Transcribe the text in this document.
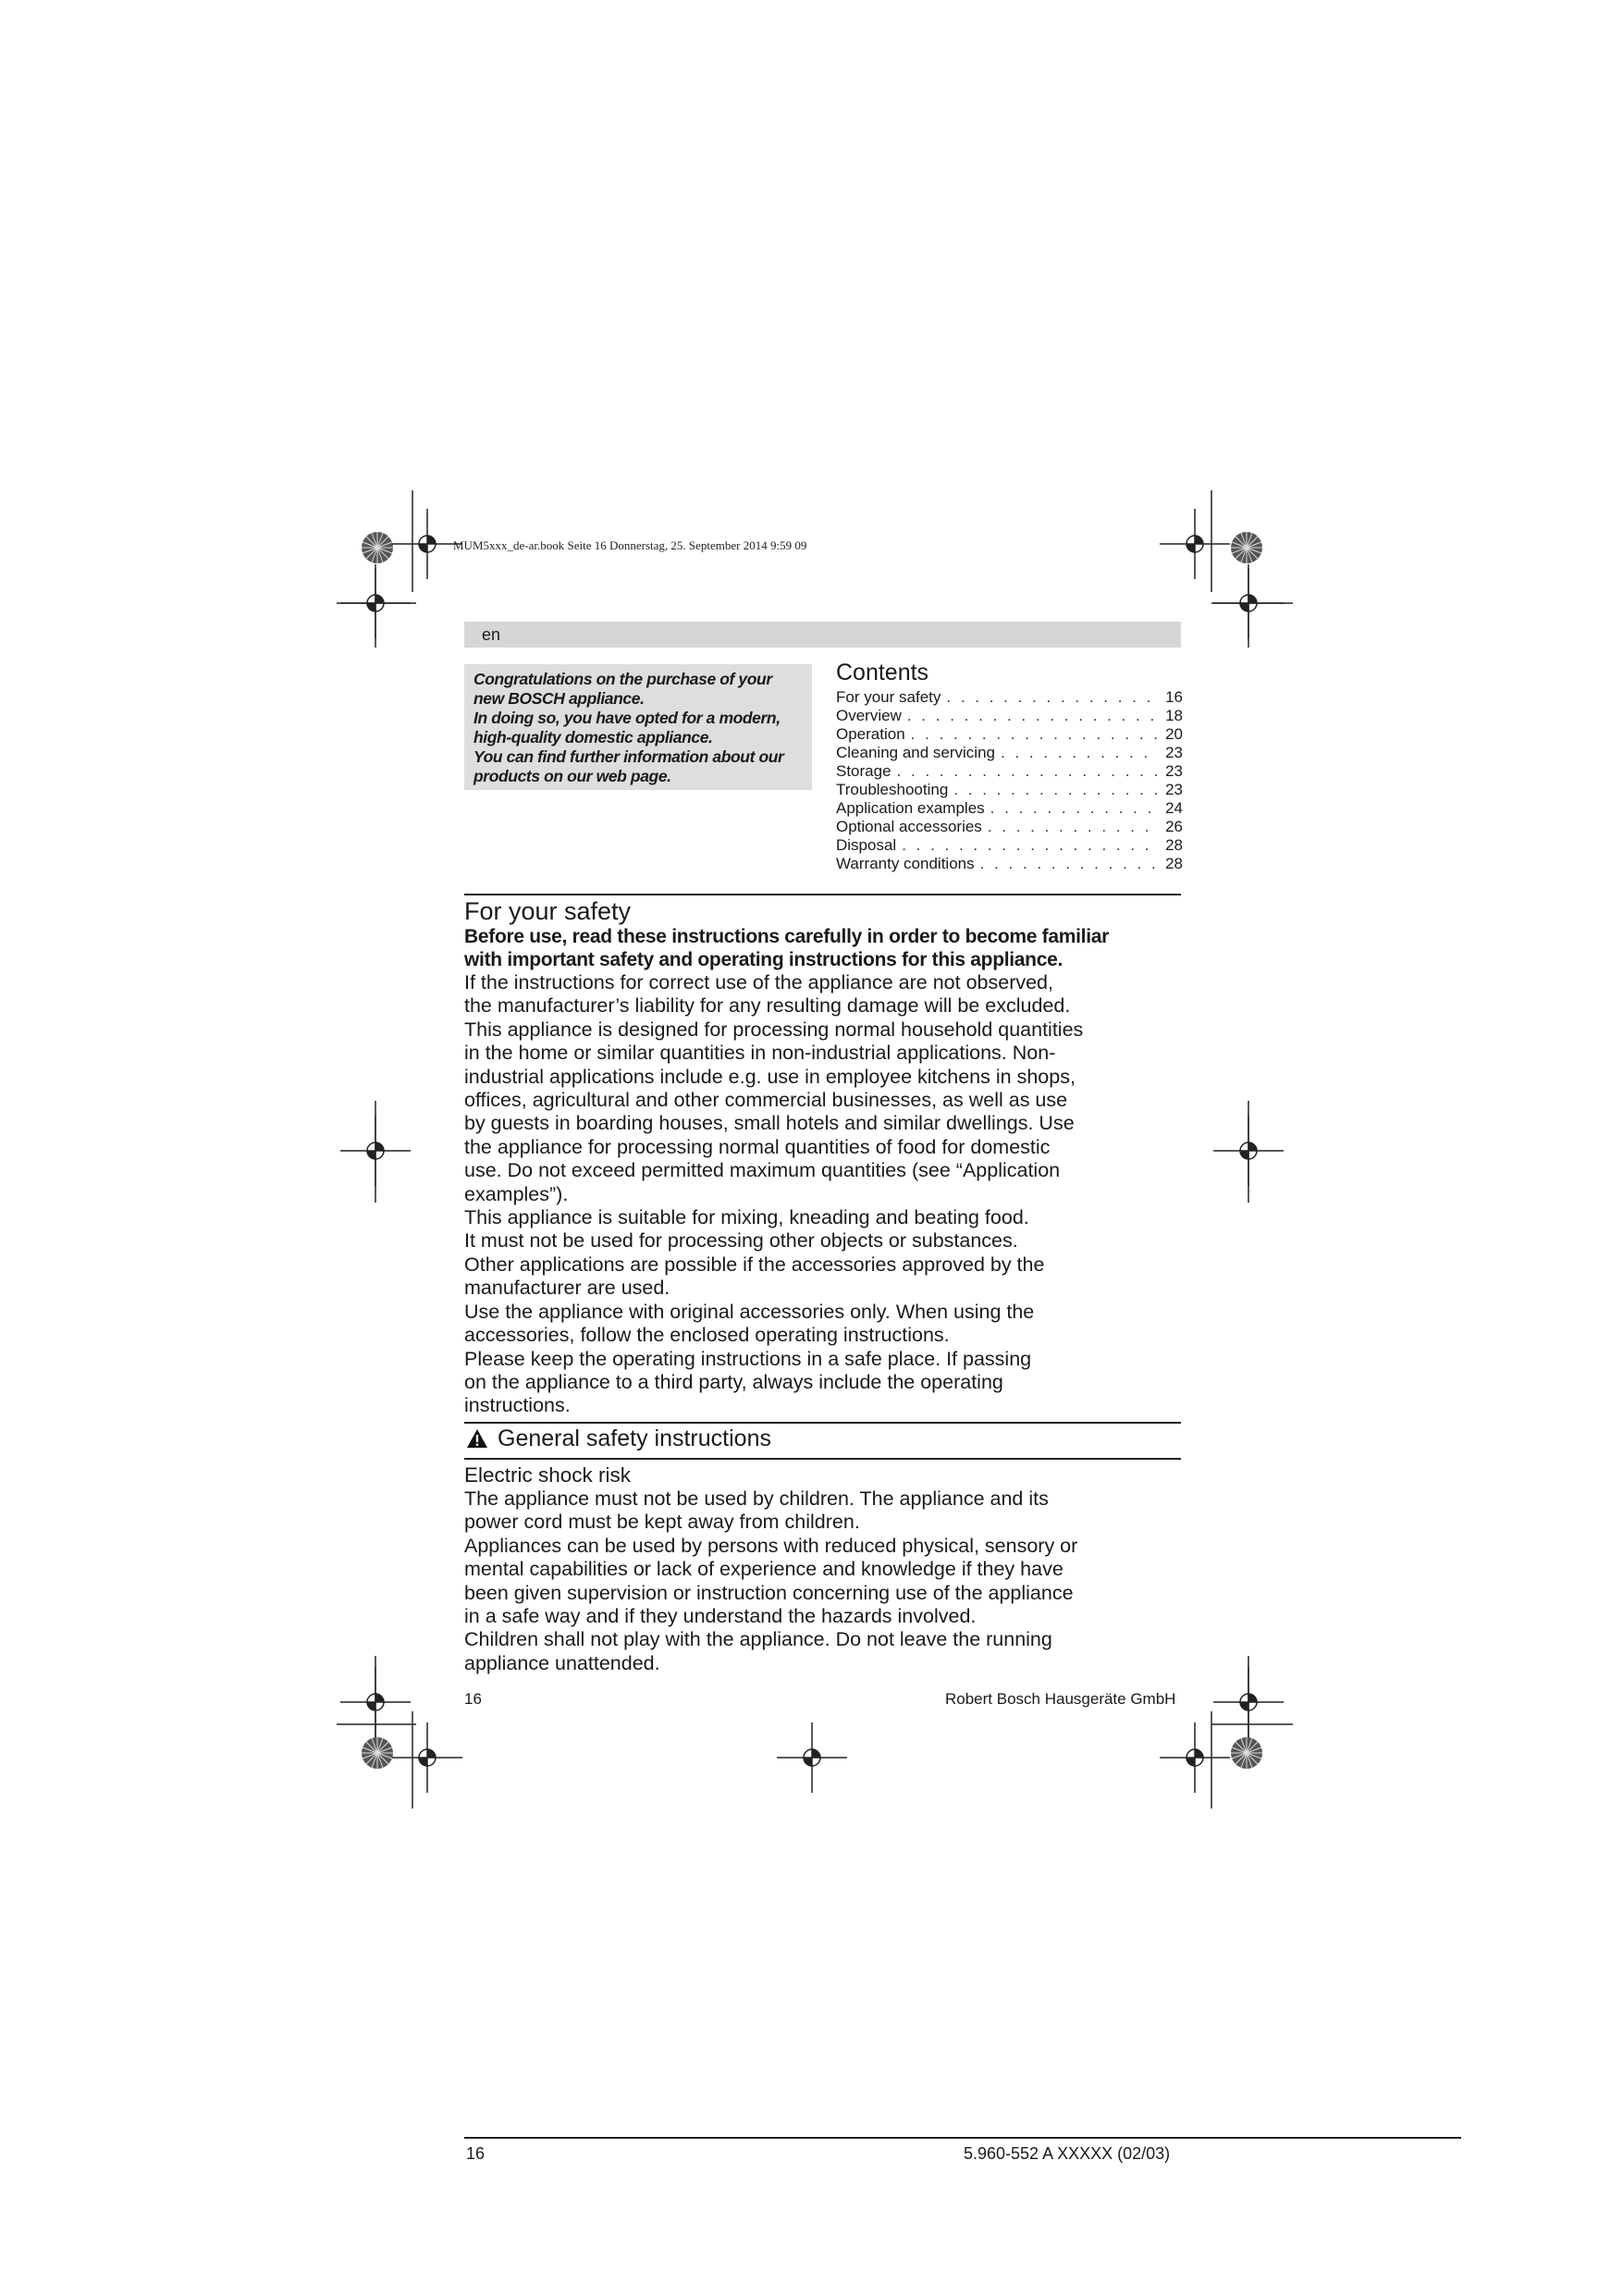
MUM5xxx_de-ar.book Seite 16 Donnerstag, 25. September 2014 9:59 09
en
Congratulations on the purchase of your
new BOSCH appliance.
In doing so, you have opted for a modern,
high-quality domestic appliance.
You can find further information about our
products on our web page.
Contents
For your safety . . .	16
Overview . . .	18
Operation . . .	20
Cleaning and servicing . . .	23
Storage . . .	23
Troubleshooting . . .	23
Application examples . . .	24
Optional accessories . . .	26
Disposal . . .	28
Warranty conditions . . .	28
For your safety
Before use, read these instructions carefully in order to become familiar
with important safety and operating instructions for this appliance.
If the instructions for correct use of the appliance are not observed,
the manufacturer’s liability for any resulting damage will be excluded.
This appliance is designed for processing normal household quantities
in the home or similar quantities in non-industrial applications. Non-
industrial applications include e.g. use in employee kitchens in shops,
offices, agricultural and other commercial businesses, as well as use
by guests in boarding houses, small hotels and similar dwellings. Use
the appliance for processing normal quantities of food for domestic
use. Do not exceed permitted maximum quantities (see “Application
examples”).
This appliance is suitable for mixing, kneading and beating food.
It must not be used for processing other objects or substances.
Other applications are possible if the accessories approved by the
manufacturer are used.
Use the appliance with original accessories only. When using the
accessories, follow the enclosed operating instructions.
Please keep the operating instructions in a safe place. If passing
on the appliance to a third party, always include the operating
instructions.
General safety instructions
Electric shock risk
The appliance must not be used by children. The appliance and its
power cord must be kept away from children.
Appliances can be used by persons with reduced physical, sensory or
mental capabilities or lack of experience and knowledge if they have
been given supervision or instruction concerning use of the appliance
in a safe way and if they understand the hazards involved.
Children shall not play with the appliance. Do not leave the running
appliance unattended.
16	Robert Bosch Hausgeräte GmbH
16	5.960-552 A XXXXX (02/03)
